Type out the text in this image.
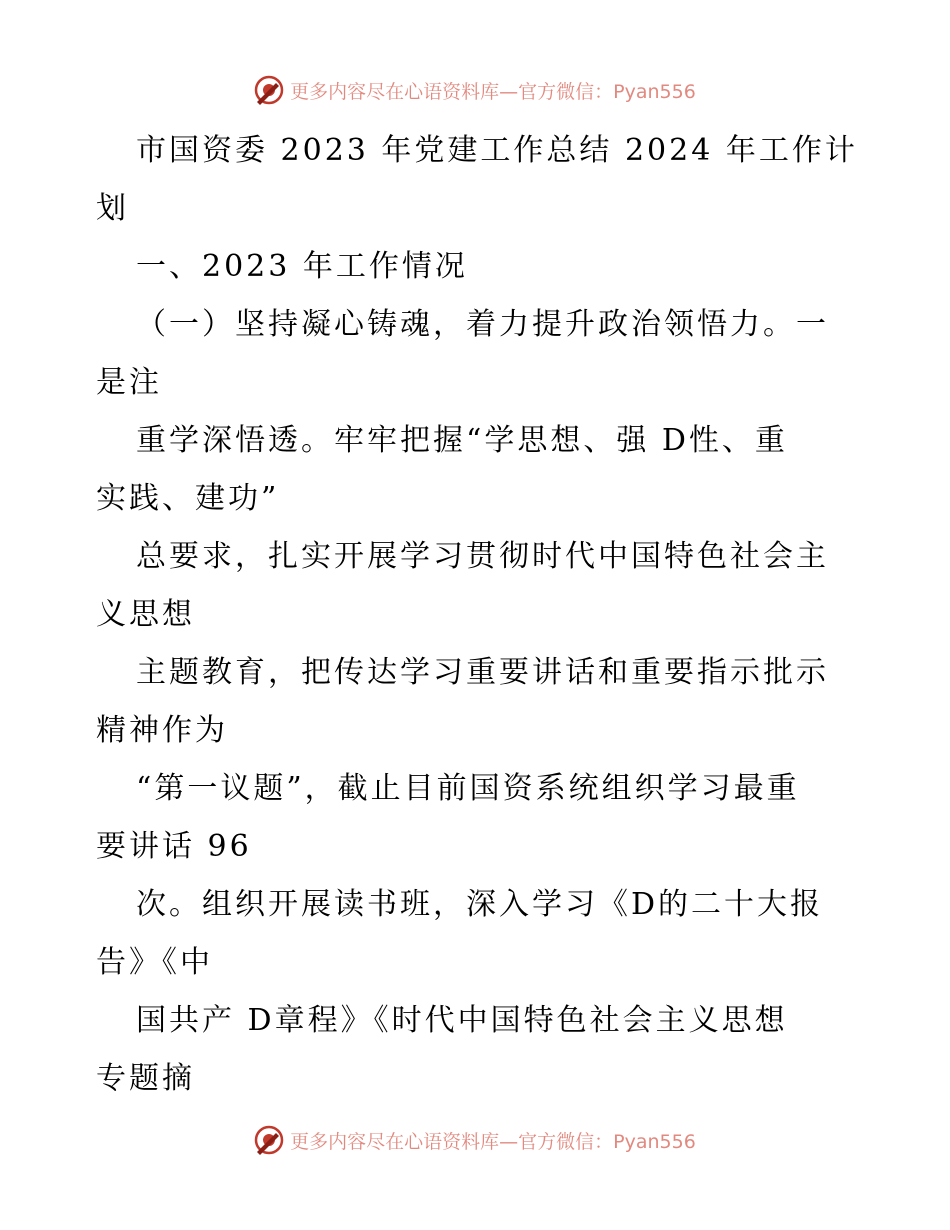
更多内容尽在心语资料库—官方微信：Pyan556
市国资委 2023 年党建工作总结 2024 年工作计
划
一、2023 年工作情况
（一）坚持凝心铸魂，着力提升政治领悟力。一
是注
重学深悟透。牢牢把握“学思想、强 D性、重
实践、建功”
总要求，扎实开展学习贯彻时代中国特色社会主
义思想
主题教育，把传达学习重要讲话和重要指示批示
精神作为
“第一议题”，截止目前国资系统组织学习最重
要讲话 96
次。组织开展读书班，深入学习《D的二十大报
告》《中
国共产 D章程》《时代中国特色社会主义思想
专题摘
更多内容尽在心语资料库—官方微信：Pyan556
